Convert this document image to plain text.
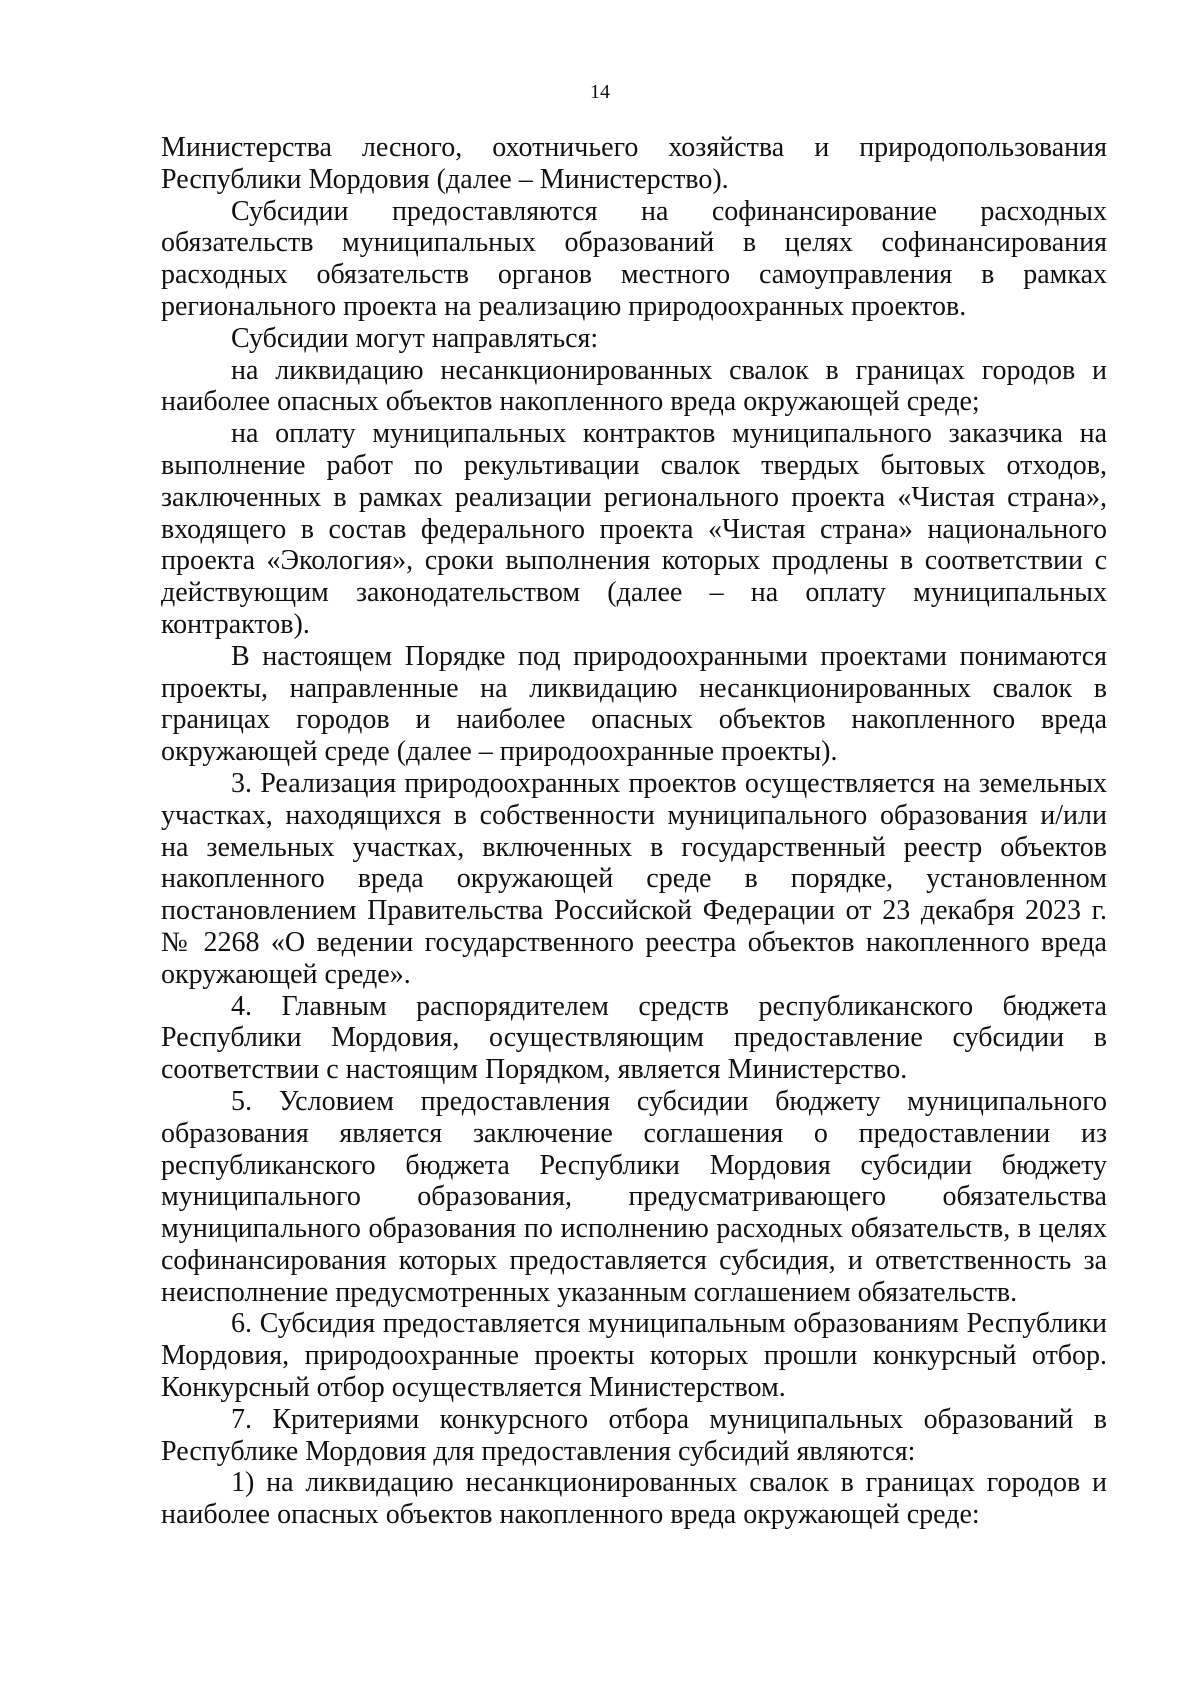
14

Министерства лесного, охотничьего хозяйства и природопользования Республики Мордовия (далее – Министерство).

Субсидии предоставляются на софинансирование расходных обязательств муниципальных образований в целях софинансирования расходных обязательств органов местного самоуправления в рамках регионального проекта на реализацию природоохранных проектов.

Субсидии могут направляться:

на ликвидацию несанкционированных свалок в границах городов и наиболее опасных объектов накопленного вреда окружающей среде;

на оплату муниципальных контрактов муниципального заказчика на выполнение работ по рекультивации свалок твердых бытовых отходов, заключенных в рамках реализации регионального проекта «Чистая страна», входящего в состав федерального проекта «Чистая страна» национального проекта «Экология», сроки выполнения которых продлены в соответствии с действующим законодательством (далее – на оплату муниципальных контрактов).

В настоящем Порядке под природоохранными проектами понимаются проекты, направленные на ликвидацию несанкционированных свалок в границах городов и наиболее опасных объектов накопленного вреда окружающей среде (далее – природоохранные проекты).

3. Реализация природоохранных проектов осуществляется на земельных участках, находящихся в собственности муниципального образования и/или на земельных участках, включенных в государственный реестр объектов накопленного вреда окружающей среде в порядке, установленном постановлением Правительства Российской Федерации от 23 декабря 2023 г. № 2268 «О ведении государственного реестра объектов накопленного вреда окружающей среде».

4. Главным распорядителем средств республиканского бюджета Республики Мордовия, осуществляющим предоставление субсидии в соответствии с настоящим Порядком, является Министерство.

5. Условием предоставления субсидии бюджету муниципального образования является заключение соглашения о предоставлении из республиканского бюджета Республики Мордовия субсидии бюджету муниципального образования, предусматривающего обязательства муниципального образования по исполнению расходных обязательств, в целях софинансирования которых предоставляется субсидия, и ответственность за неисполнение предусмотренных указанным соглашением обязательств.

6. Субсидия предоставляется муниципальным образованиям Республики Мордовия, природоохранные проекты которых прошли конкурсный отбор. Конкурсный отбор осуществляется Министерством.

7. Критериями конкурсного отбора муниципальных образований в Республике Мордовия для предоставления субсидий являются:

1) на ликвидацию несанкционированных свалок в границах городов и наиболее опасных объектов накопленного вреда окружающей среде:
